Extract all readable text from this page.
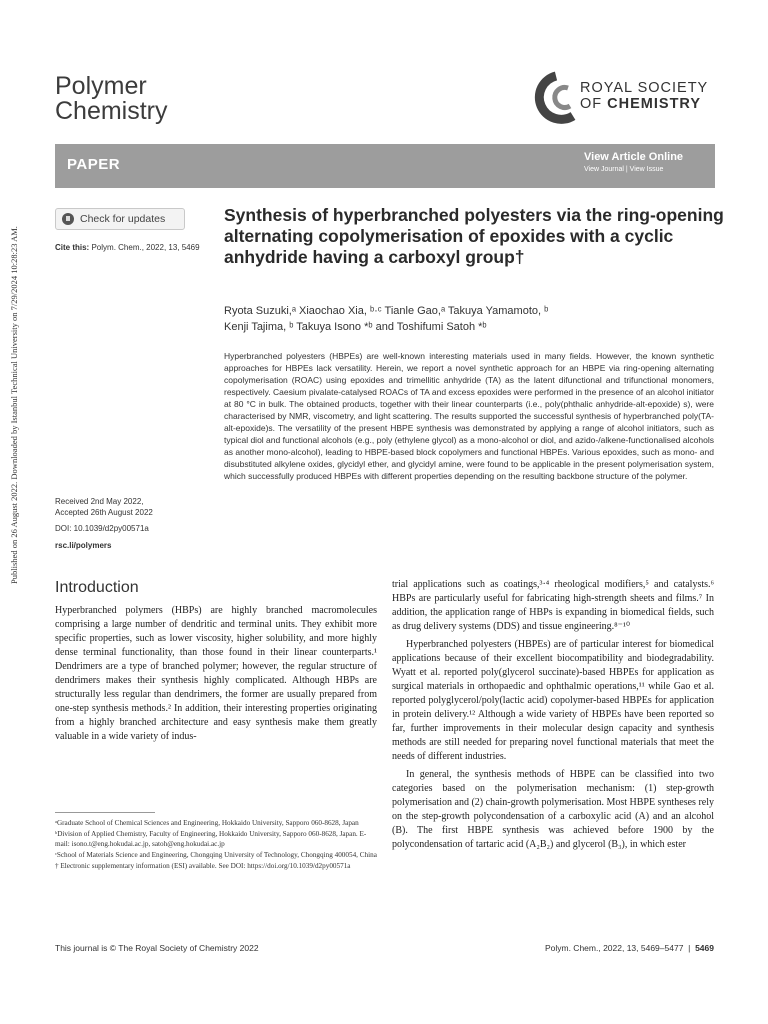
Published on 26 August 2022. Downloaded by Istanbul Technical University on 7/29/2024 10:28:23 AM.
Polymer
Chemistry
ROYAL SOCIETY
OF CHEMISTRY
PAPER	View Article Online
View Journal | View Issue
Check for updates
Cite this: Polym. Chem., 2022, 13, 5469
Received 2nd May 2022,
Accepted 26th August 2022
DOI: 10.1039/d2py00571a
rsc.li/polymers
Synthesis of hyperbranched polyesters via the ring-opening alternating copolymerisation of epoxides with a cyclic anhydride having a carboxyl group†
Ryota Suzuki,ᵃ Xiaochao Xia, ᵇ·ᶜ Tianle Gao,ᵃ Takuya Yamamoto, ᵇ
Kenji Tajima, ᵇ Takuya Isono *ᵇ and Toshifumi Satoh *ᵇ
Hyperbranched polyesters (HBPEs) are well-known interesting materials used in many fields. However, the known synthetic approaches for HBPEs lack versatility. Herein, we report a novel synthetic approach for an HBPE via ring-opening alternating copolymerisation (ROAC) using epoxides and trimellitic anhydride (TA) as the latent difunctional and trifunctional monomers, respectively. Caesium pivalate-catalysed ROACs of TA and excess epoxides were performed in the presence of an alcohol initiator at 80 °C in bulk. The obtained products, together with their linear counterparts (i.e., poly(phthalic anhydride-alt-epoxide) s), were characterised by NMR, viscometry, and light scattering. The results supported the successful synthesis of hyperbranched poly(TA-alt-epoxide)s. The versatility of the present HBPE synthesis was demonstrated by applying a range of alcohol initiators, such as typical diol and functional alcohols (e.g., poly (ethylene glycol) as a mono-alcohol or diol, and azido-/alkene-functionalised alcohols as another mono-alcohol), leading to HBPE-based block copolymers and functional HBPEs. Various epoxides, such as mono- and disubstituted alkylene oxides, glycidyl ether, and glycidyl amine, were found to be applicable in the present polymerisation system, which successfully produced HBPEs with different properties depending on the resulting backbone structure of the polymer.
Introduction

Hyperbranched polymers (HBPs) are highly branched macromolecules comprising a large number of dendritic and terminal units. They exhibit more specific properties, such as lower viscosity, higher solubility, and more highly dense terminal functionality, than those found in their linear counterparts.¹ Dendrimers are a type of branched polymer; however, the regular structure of dendrimers makes their synthesis highly complicated. Although HBPs are structurally less regular than dendrimers, the former are usually prepared from one-step synthesis methods.² In addition, their interesting properties originating from a highly branched architecture and easy synthesis make them greatly valuable in a wide variety of indus-

trial applications such as coatings,³·⁴ rheological modifiers,⁵ and catalysts.⁶ HBPs are particularly useful for fabricating high-strength sheets and films.⁷ In addition, the application range of HBPs is expanding in biomedical fields, such as drug delivery systems (DDS) and tissue engineering.⁸⁻¹⁰

Hyperbranched polyesters (HBPEs) are of particular interest for biomedical applications because of their excellent biocompatibility and biodegradability. Wyatt et al. reported poly(glycerol succinate)-based HBPEs for application as surgical materials in orthopaedic and ophthalmic operations,¹¹ while Gao et al. reported polyglycerol/poly(lactic acid) copolymer-based HBPEs for application in protein delivery.¹² Although a wide variety of HBPEs have been reported so far, further improvements in their molecular design capacity and synthesis methods are still needed for preparing novel functional materials that meet the needs of different industries.

In general, the synthesis methods of HBPE can be classified into two categories based on the polymerisation mechanism: (1) step-growth polymerisation and (2) chain-growth polymerisation. Most HBPE syntheses rely on the step-growth polycondensation of a carboxylic acid (A) and an alcohol (B). The first HBPE synthesis was achieved before 1900 by the polycondensation of tartaric acid (A₂B₂) and glycerol (B₃), in which ester

ᵃGraduate School of Chemical Sciences and Engineering, Hokkaido University, Sapporo 060-8628, Japan

ᵇDivision of Applied Chemistry, Faculty of Engineering, Hokkaido University, Sapporo 060-8628, Japan. E-mail: isono.t@eng.hokudai.ac.jp, satoh@eng.hokudai.ac.jp

ᶜSchool of Materials Science and Engineering, Chongqing University of Technology, Chongqing 400054, China

† Electronic supplementary information (ESI) available. See DOI: https://doi.org/10.1039/d2py00571a

This journal is © The Royal Society of Chemistry 2022	Polym. Chem., 2022, 13, 5469–5477  |  5469
